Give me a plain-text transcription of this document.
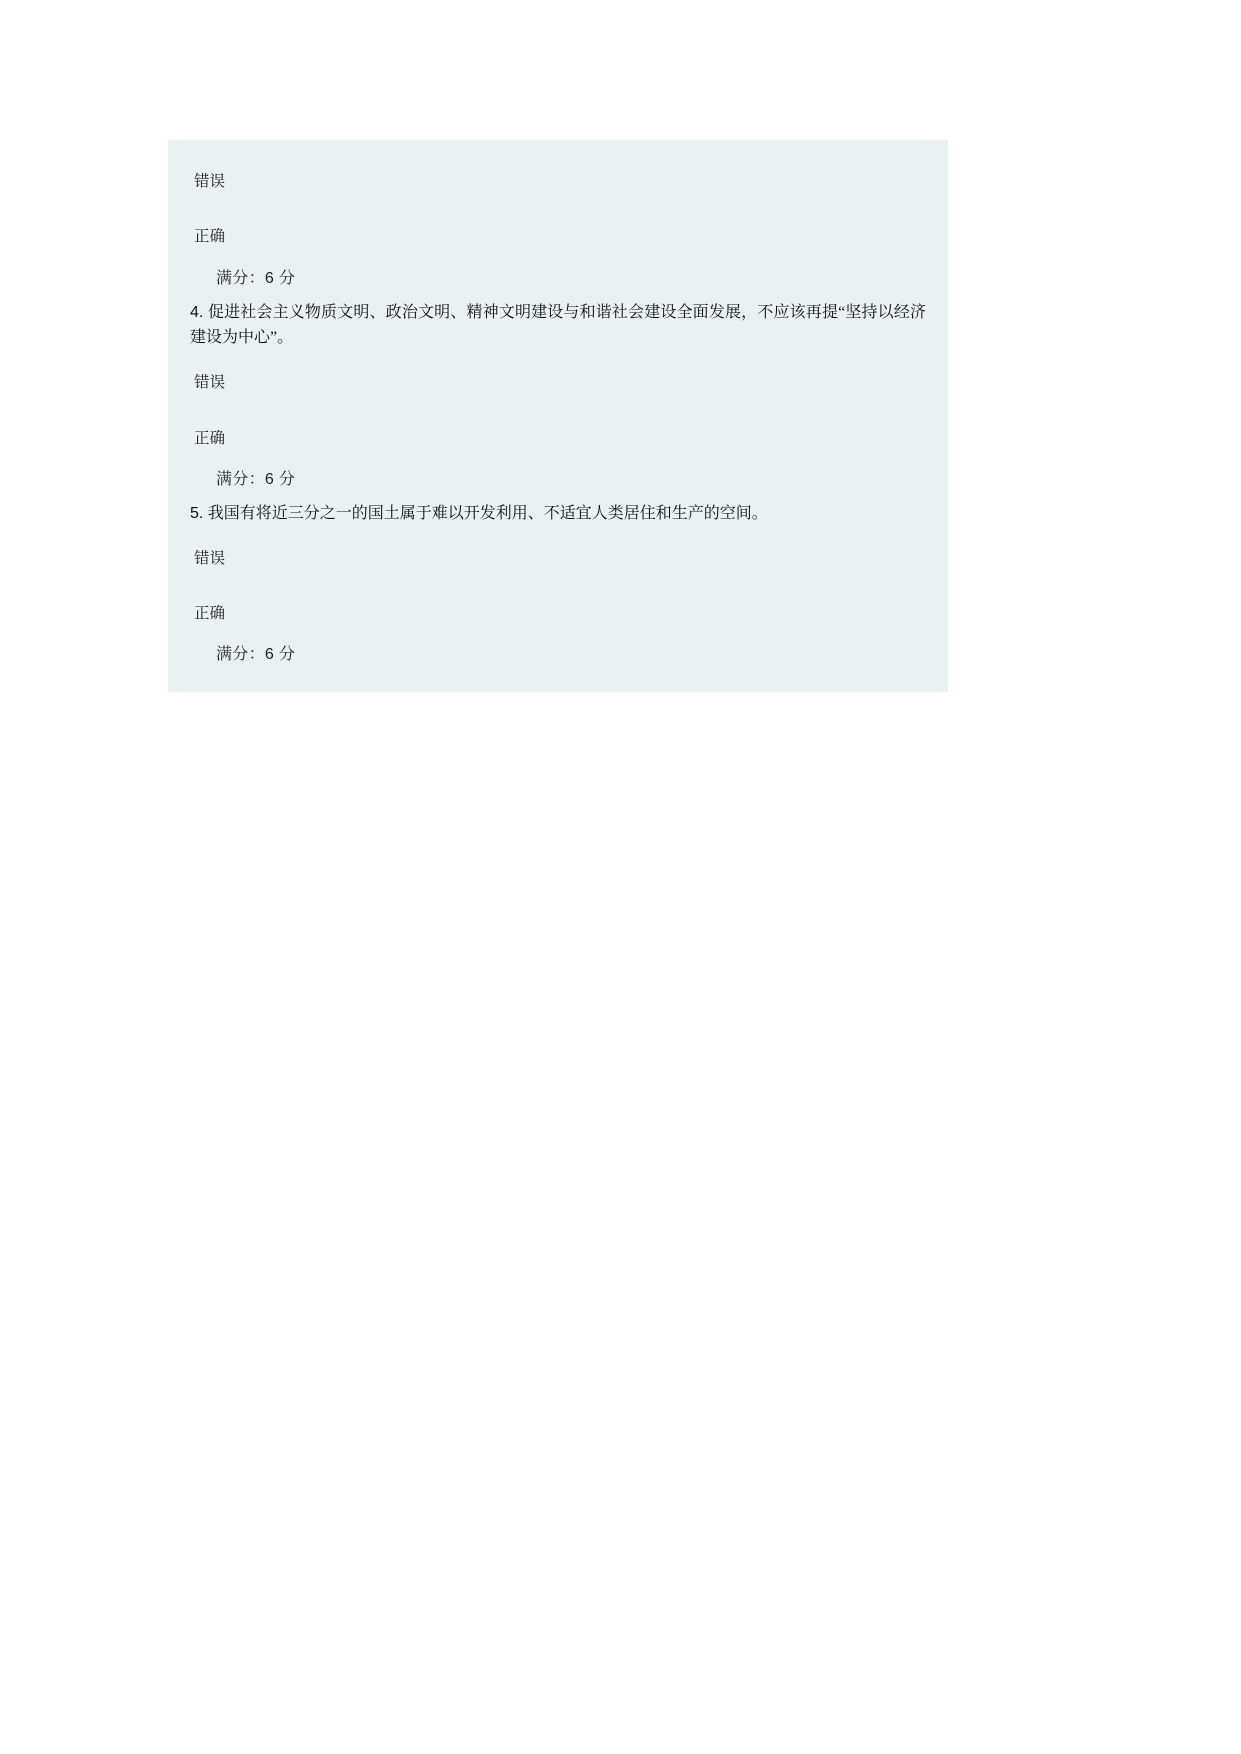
错误
正确
满分：6 分
4. 促进社会主义物质文明、政治文明、精神文明建设与和谐社会建设全面发展，不应该再提“坚持以经济建设为中心”。
错误
正确
满分：6 分
5. 我国有将近三分之一的国土属于难以开发利用、不适宜人类居住和生产的空间。
错误
正确
满分：6 分
